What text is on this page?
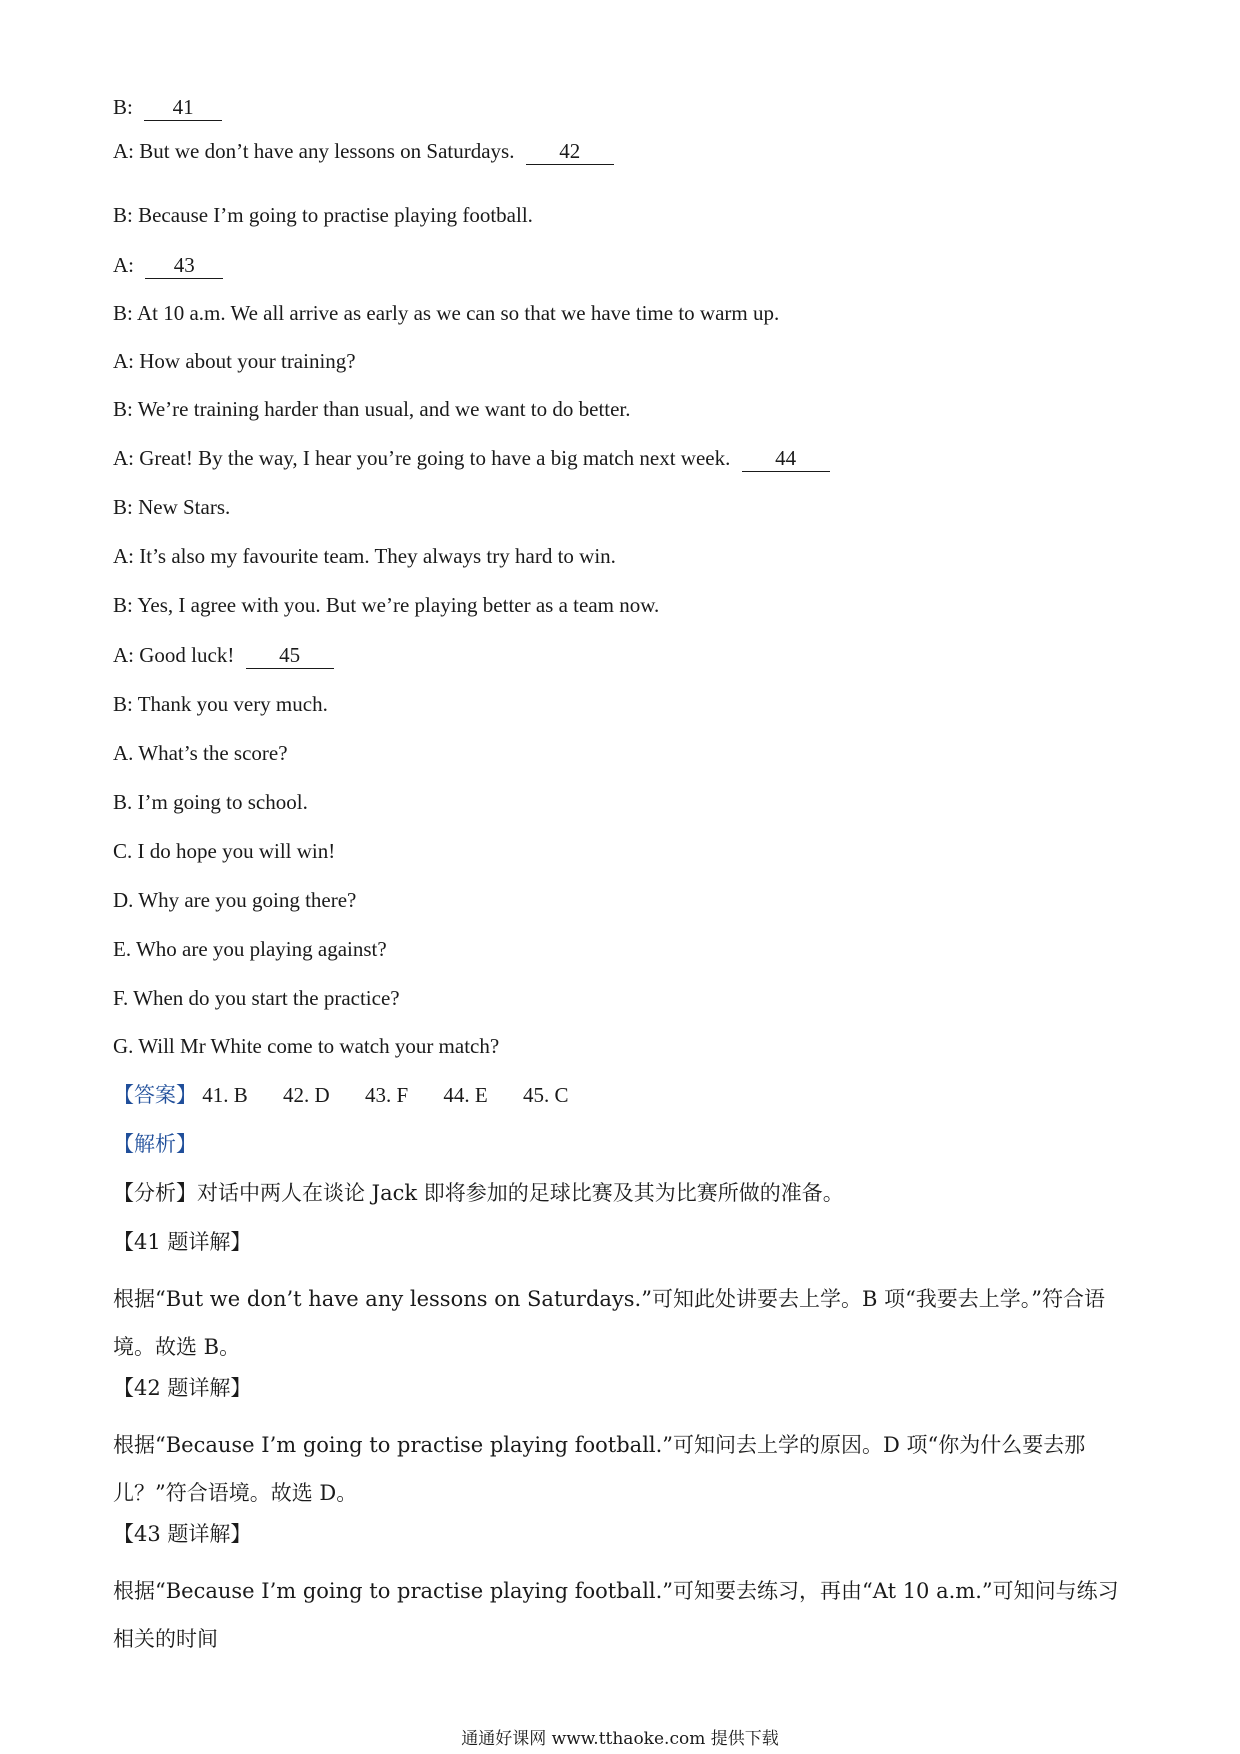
B: 41
A: But we don’t have any lessons on Saturdays. 42
B: Because I’m going to practise playing football.
A: 43
B: At 10 a.m. We all arrive as early as we can so that we have time to warm up.
A: How about your training?
B: We’re training harder than usual, and we want to do better.
A: Great! By the way, I hear you’re going to have a big match next week. 44
B: New Stars.
A: It’s also my favourite team. They always try hard to win.
B: Yes, I agree with you. But we’re playing better as a team now.
A: Good luck! 45
B: Thank you very much.
A. What’s the score?
B. I’m going to school.
C. I do hope you will win!
D. Why are you going there?
E. Who are you playing against?
F. When do you start the practice?
G. Will Mr White come to watch your match?
【答案】 41. B 42. D 43. F 44. E 45. C
【解析】
【分析】对话中两人在谈论 Jack 即将参加的足球比赛及其为比赛所做的准备。
【41 题详解】
根据“But we don’t have any lessons on Saturdays.”可知此处讲要去上学。B 项“我要去上学。”符合语境。故选 B。
【42 题详解】
根据“Because I’m going to practise playing football.”可知问去上学的原因。D 项“你为什么要去那儿？”符合语境。故选 D。
【43 题详解】
根据“Because I’m going to practise playing football.”可知要去练习，再由“At 10 a.m.”可知问与练习相关的时间
通通好课网 www.tthaoke.com 提供下载
